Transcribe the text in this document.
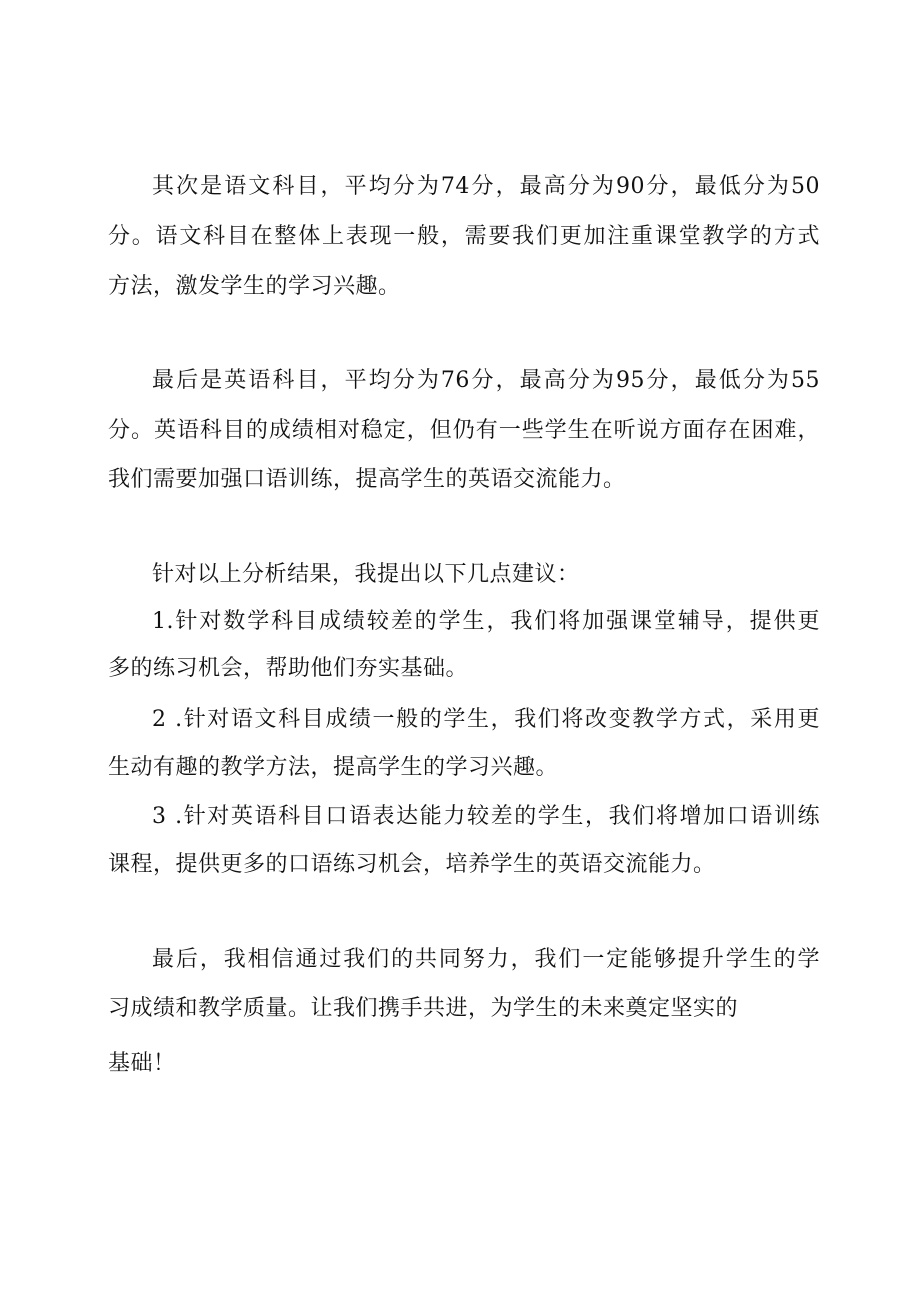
其次是语文科目，平均分为74分，最高分为90分，最低分为50
分。语文科目在整体上表现一般，需要我们更加注重课堂教学的方式
方法，激发学生的学习兴趣。
最后是英语科目，平均分为76分，最高分为95分，最低分为55
分。英语科目的成绩相对稳定，但仍有一些学生在听说方面存在困难，
我们需要加强口语训练，提高学生的英语交流能力。
针对以上分析结果，我提出以下几点建议：
1.针对数学科目成绩较差的学生，我们将加强课堂辅导，提供更
多的练习机会，帮助他们夯实基础。
2 .针对语文科目成绩一般的学生，我们将改变教学方式，采用更
生动有趣的教学方法，提高学生的学习兴趣。
3 .针对英语科目口语表达能力较差的学生，我们将增加口语训练
课程，提供更多的口语练习机会，培养学生的英语交流能力。
最后，我相信通过我们的共同努力，我们一定能够提升学生的学
习成绩和教学质量。让我们携手共进，为学生的未来奠定坚实的
基础！
